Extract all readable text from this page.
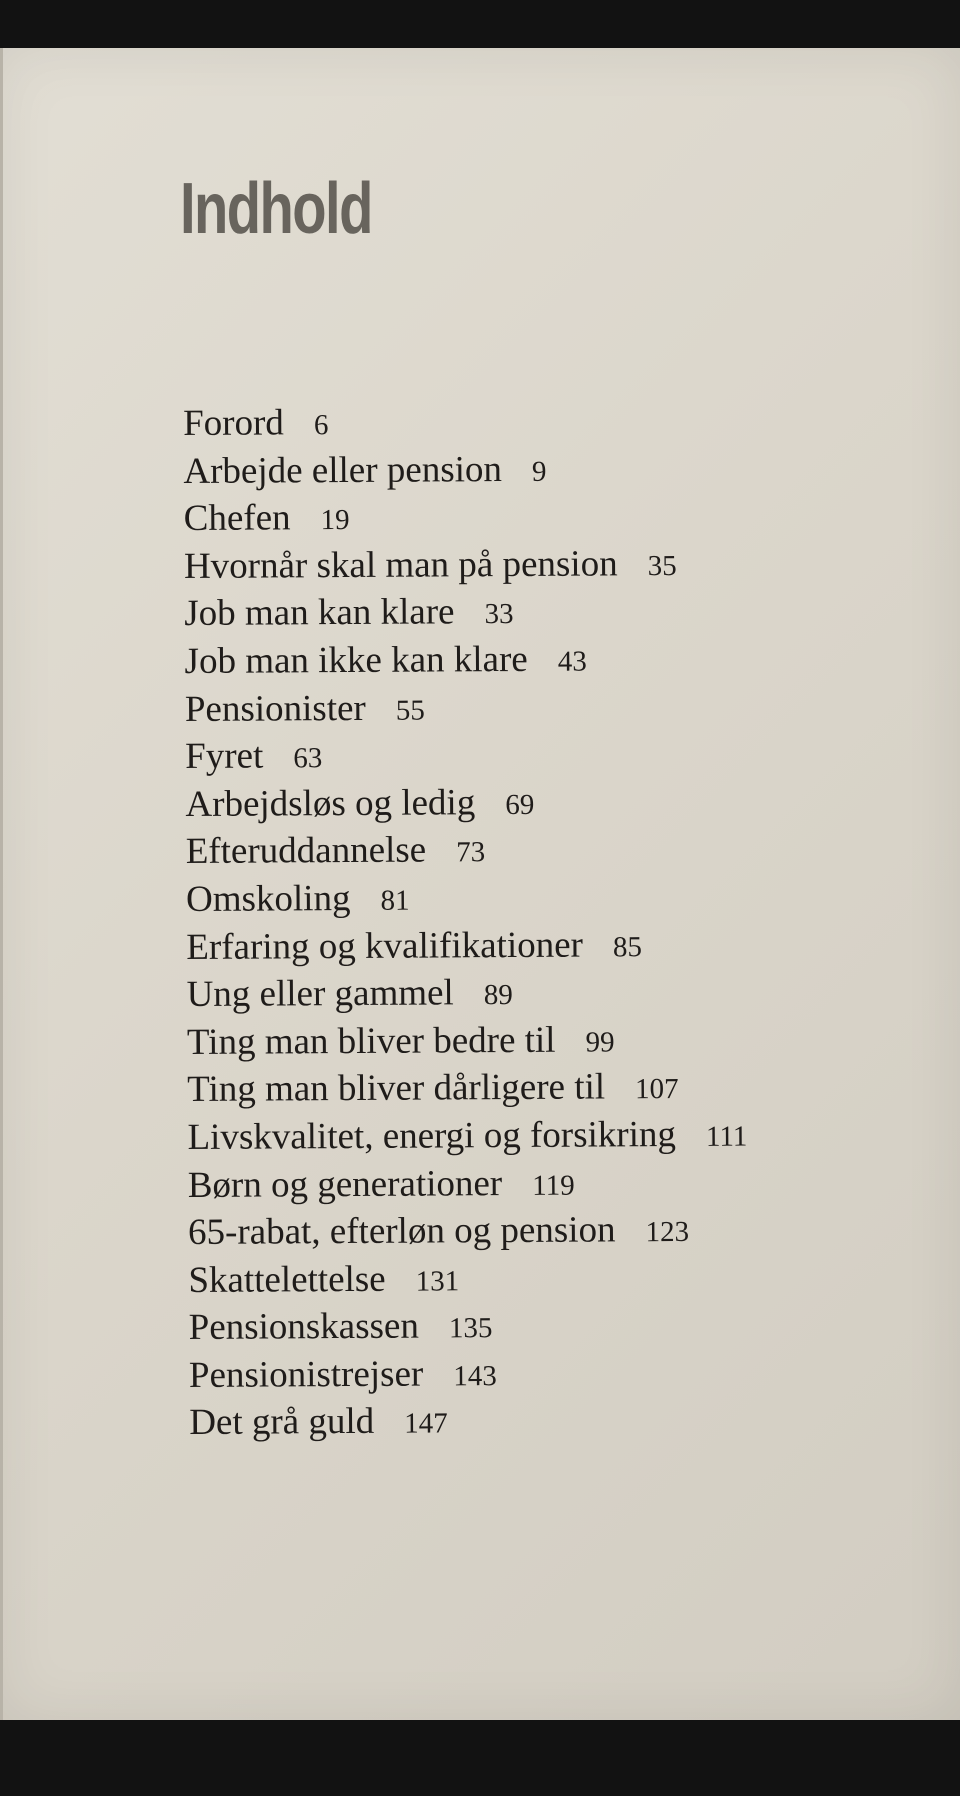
Indhold
Forord 6
Arbejde eller pension 9
Chefen 19
Hvornår skal man på pension 35
Job man kan klare 33
Job man ikke kan klare 43
Pensionister 55
Fyret 63
Arbejdsløs og ledig 69
Efteruddannelse 73
Omskoling 81
Erfaring og kvalifikationer 85
Ung eller gammel 89
Ting man bliver bedre til 99
Ting man bliver dårligere til 107
Livskvalitet, energi og forsikring 111
Børn og generationer 119
65-rabat, efterløn og pension 123
Skattelettelse 131
Pensionskassen 135
Pensionistrejser 143
Det grå guld 147
